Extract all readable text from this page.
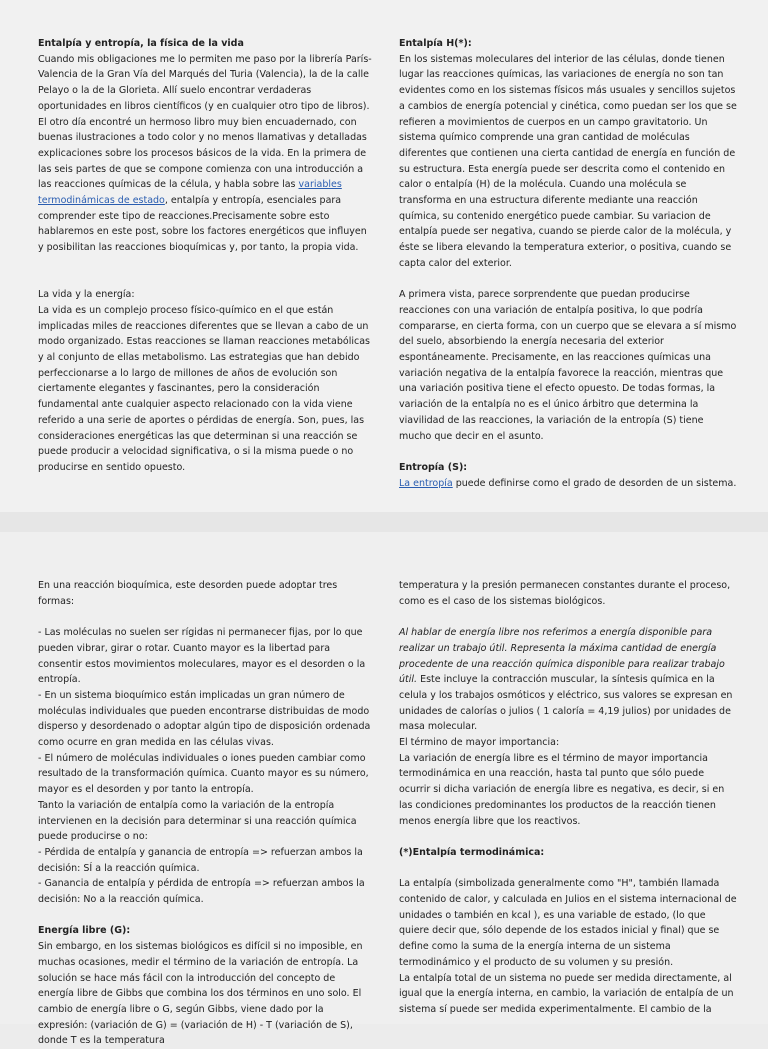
Entalpía y entropía, la física de la vida

Cuando mis obligaciones me lo permiten me paso por la librería París-Valencia de la Gran Vía del Marqués del Turia (Valencia), la de la calle Pelayo o la de la Glorieta. Allí suelo encontrar verdaderas oportunidades en libros científicos (y en cualquier otro tipo de libros). El otro día encontré un hermoso libro muy bien encuadernado, con buenas ilustraciones a todo color y no menos llamativas y detalladas explicaciones sobre los procesos básicos de la vida. En la primera de las seis partes de que se compone comienza con una introducción a las reacciones químicas de la célula, y habla sobre las variables termodinámicas de estado, entalpía y entropía, esenciales para comprender este tipo de reacciones.Precisamente sobre esto hablaremos en este post, sobre los factores energéticos que influyen y posibilitan las reacciones bioquímicas y, por tanto, la propia vida.

La vida y la energía:

La vida es un complejo proceso físico-químico en el que están implicadas miles de reacciones diferentes que se llevan a cabo de un modo organizado. Estas reacciones se llaman reacciones metabólicas y al conjunto de ellas metabolismo. Las estrategias que han debido perfeccionarse a lo largo de millones de años de evolución son ciertamente elegantes y fascinantes, pero la consideración fundamental ante cualquier aspecto relacionado con la vida viene referido a una serie de aportes o pérdidas de energía. Son, pues, las consideraciones energéticas las que determinan si una reacción se puede producir a velocidad significativa, o si la misma puede o no producirse en sentido opuesto.

Entalpía H(*):

En los sistemas moleculares del interior de las células, donde tienen lugar las reacciones químicas, las variaciones de energía no son tan evidentes como en los sistemas físicos más usuales y sencillos sujetos a cambios de energía potencial y cinética, como puedan ser los que se refieren a movimientos de cuerpos en un campo gravitatorio. Un sistema químico comprende una gran cantidad de moléculas diferentes que contienen una cierta cantidad de energía en función de su estructura. Esta energía puede ser descrita como el contenido en calor o entalpía (H) de la molécula. Cuando una molécula se transforma en una estructura diferente mediante una reacción química, su contenido energético puede cambiar. Su variacion de entalpía puede ser negativa, cuando se pierde calor de la molécula, y éste se libera elevando la temperatura exterior, o positiva, cuando se capta calor del exterior.

A primera vista, parece sorprendente que puedan producirse reacciones con una variación de entalpía positiva, lo que podría compararse, en cierta forma, con un cuerpo que se elevara a sí mismo del suelo, absorbiendo la energía necesaria del exterior espontáneamente. Precisamente, en las reacciones químicas una variación negativa de la entalpía favorece la reacción, mientras que una variación positiva tiene el efecto opuesto. De todas formas, la variación de la entalpía no es el único árbitro que determina la viavilidad de las reacciones, la variación de la entropía (S) tiene mucho que decir en el asunto.

Entropía (S):

La entropía puede definirse como el grado de desorden de un sistema.

En una reacción bioquímica, este desorden puede adoptar tres formas:

- Las moléculas no suelen ser rígidas ni permanecer fijas, por lo que pueden vibrar, girar o rotar. Cuanto mayor es la libertad para consentir estos movimientos moleculares, mayor es el desorden o la entropía.
- En un sistema bioquímico están implicadas un gran número de moléculas individuales que pueden encontrarse distribuidas de modo disperso y desordenado o adoptar algún tipo de disposición ordenada como ocurre en gran medida en las células vivas.
- El número de moléculas individuales o iones pueden cambiar como resultado de la transformación química. Cuanto mayor es su número, mayor es el desorden y por tanto la entropía.
Tanto la variación de entalpía como la variación de la entropía intervienen en la decisión para determinar si una reacción química puede producirse o no:
- Pérdida de entalpía y ganancia de entropía => refuerzan ambos la decisión: SÍ a la reacción química.
- Ganancia de entalpía y pérdida de entropía => refuerzan ambos la decisión: No a la reacción química.

Energía libre (G):

Sin embargo, en los sistemas biológicos es difícil si no imposible, en muchas ocasiones, medir el término de la variación de entropía. La solución se hace más fácil con la introducción del concepto de energía libre de Gibbs que combina los dos términos en uno solo. El cambio de energía libre o G, según Gibbs, viene dado por la expresión: (variación de G) = (variación de H) - T (variación de S), donde T es la temperatura

temperatura y la presión permanecen constantes durante el proceso, como es el caso de los sistemas biológicos.

Al hablar de energía libre nos referimos a energía disponible para realizar un trabajo útil. Representa la máxima cantidad de energía procedente de una reacción química disponible para realizar trabajo útil. Este incluye la contracción muscular, la síntesis química en la celula y los trabajos osmóticos y eléctrico, sus valores se expresan en unidades de calorías o julios ( 1 caloría = 4,19 julios) por unidades de masa molecular.
El término de mayor importancia:
La variación de energía libre es el término de mayor importancia termodinámica en una reacción, hasta tal punto que sólo puede ocurrir si dicha variación de energía libre es negativa, es decir, si en las condiciones predominantes los productos de la reacción tienen menos energía libre que los reactivos.

(*)Entalpía termodinámica:

La entalpía (simbolizada generalmente como "H", también llamada contenido de calor, y calculada en Julios en el sistema internacional de unidades o también en kcal ), es una variable de estado, (lo que quiere decir que, sólo depende de los estados inicial y final) que se define como la suma de la energía interna de un sistema termodinámico y el producto de su volumen y su presión.
La entalpía total de un sistema no puede ser medida directamente, al igual que la energía interna, en cambio, la variación de entalpía de un sistema sí puede ser medida experimentalmente. El cambio de la
